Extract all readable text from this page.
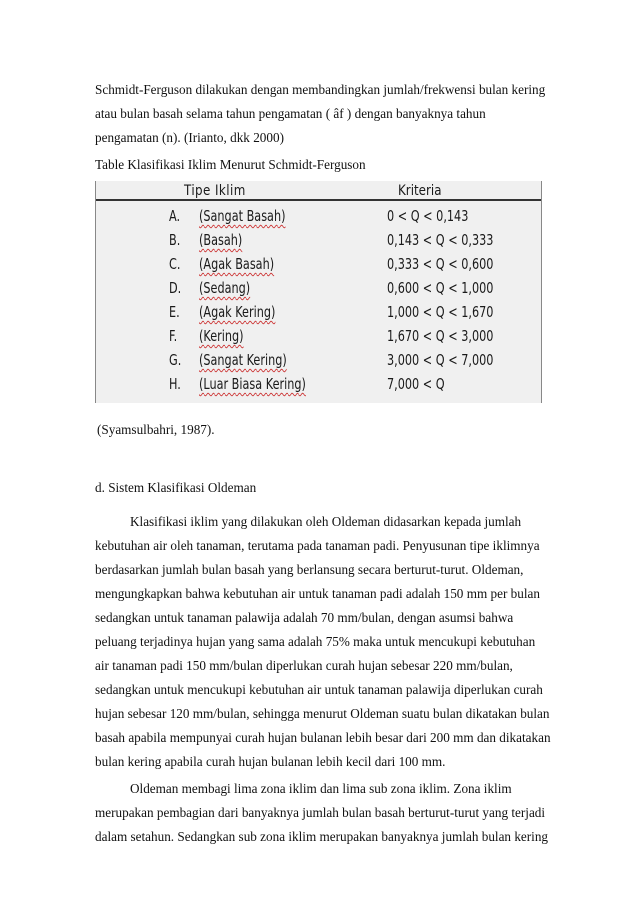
Schmidt-Ferguson dilakukan dengan membandingkan jumlah/frekwensi bulan kering
atau bulan basah selama tahun pengamatan ( âf ) dengan banyaknya tahun
pengamatan (n). (Irianto, dkk 2000)
Table Klasifikasi Iklim Menurut Schmidt-Ferguson
Tipe Iklim	Kriteria
A. (Sangat Basah)	0 < Q < 0,143
B. (Basah)	0,143 < Q < 0,333
C. (Agak Basah)	0,333 < Q < 0,600
D. (Sedang)	0,600 < Q < 1,000
E. (Agak Kering)	1,000 < Q < 1,670
F. (Kering)	1,670 < Q < 3,000
G. (Sangat Kering)	3,000 < Q < 7,000
H. (Luar Biasa Kering)	7,000 < Q
(Syamsulbahri, 1987).
d. Sistem Klasifikasi Oldeman
Klasifikasi iklim yang dilakukan oleh Oldeman didasarkan kepada jumlah
kebutuhan air oleh tanaman, terutama pada tanaman padi. Penyusunan tipe iklimnya
berdasarkan jumlah bulan basah yang berlansung secara berturut-turut. Oldeman,
mengungkapkan bahwa kebutuhan air untuk tanaman padi adalah 150 mm per bulan
sedangkan untuk tanaman palawija adalah 70 mm/bulan, dengan asumsi bahwa
peluang terjadinya hujan yang sama adalah 75% maka untuk mencukupi kebutuhan
air tanaman padi 150 mm/bulan diperlukan curah hujan sebesar 220 mm/bulan,
sedangkan untuk mencukupi kebutuhan air untuk tanaman palawija diperlukan curah
hujan sebesar 120 mm/bulan, sehingga menurut Oldeman suatu bulan dikatakan bulan
basah apabila mempunyai curah hujan bulanan lebih besar dari 200 mm dan dikatakan
bulan kering apabila curah hujan bulanan lebih kecil dari 100 mm.
Oldeman membagi lima zona iklim dan lima sub zona iklim. Zona iklim
merupakan pembagian dari banyaknya jumlah bulan basah berturut-turut yang terjadi
dalam setahun. Sedangkan sub zona iklim merupakan banyaknya jumlah bulan kering
